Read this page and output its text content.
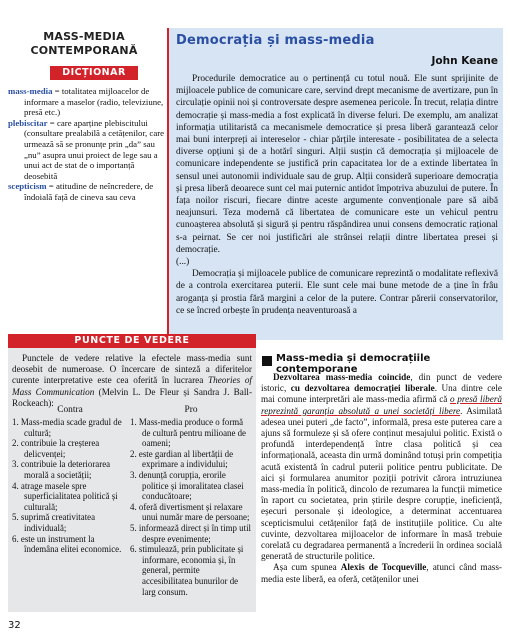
MASS-MEDIA
CONTEMPORANĂ
DICȚIONAR
mass-media = totalitatea mijloacelor de informare a maselor (radio, televiziune, presă etc.)
plebiscitar = care aparține plebiscitului (consultare prealabilă a cetățenilor, care urmează să se pronunțe prin „da” sau „nu” asupra unui proiect de lege sau a unui act de stat de o importanță deosebită
scepticism = atitudine de neîncredere, de îndoială față de cineva sau ceva
Democrația și mass-media
John Keane

Procedurile democratice au o pertinență cu totul nouă. Ele sunt sprijinite de mijloacele publice de comunicare care, servind drept mecanisme de avertizare, pun în circulație opinii noi și controversate despre asemenea pericole. În trecut, relația dintre democrație și mass-media a fost explicată în diverse feluri. De exemplu, am analizat informația utilitaristă ca mecanismele democratice și presa liberă garantează celor mai buni interpreți ai intereselor - chiar părțile interesate - posibilitatea de a selecta diverse opțiuni și de a hotărî singuri. Alții susțin că democrația și mijloacele de comunicare independente se justifică prin capacitatea lor de a extinde libertatea în sensul unei autonomii individuale sau de grup. Alții consideră superioare democrația și presa liberă deoarece sunt cel mai puternic antidot împotriva abuzului de putere. În fața noilor riscuri, fiecare dintre aceste argumente convenționale pare să aibă neajunsuri. Teza modernă că libertatea de comunicare este un vehicul pentru cunoașterea absolută și sigură și pentru răspândirea unui consens democratic rațional s-a peirnat. Se cer noi justificări ale strânsei relații dintre libertatea presei și democrație.

(...)

Democrația și mijloacele publice de comunicare reprezintă o modalitate reflexivă de a controla exercitarea puterii. Ele sunt cele mai bune metode de a ține în frâu aroganța și prostia fără margini a celor de la putere. Contrar părerii conservatorilor, ce se încred orbește în prudența neaventuroasă a

PUNCTE DE VEDERE
Punctele de vedere relative la efectele mass-media sunt deosebit de numeroase. O încercare de sinteză a diferitelor curente interpretative este cea oferită în lucrarea Theories of Mass Communication (Melvin L. De Fleur și Sandra J. Ball-Rockeach):
Contra	Pro
1. Mass-media scade gradul de cultură;
2. contribuie la creșterea delicvenței;
3. contribuie la deteriorarea morală a societății;
4. atrage masele spre superficialitatea politică și culturală;
5. suprimă creativitatea individuală;
6. este un instrument la îndemâna elitei economice.
1. Mass-media produce o formă de cultură pentru milioane de oameni;
2. este gardian al libertății de exprimare a individului;
3. denunță corupția, erorile politice și imoralitatea clasei conducătoare;
4. oferă divertisment și relaxare unui număr mare de persoane;
5. informează direct și în timp util despre evenimente;
6. stimulează, prin publicitate și informare, economia și, în general, permite accesibilitatea bunurilor de larg consum.
32
Mass-media și democrațiile contemporane

Dezvoltarea mass-media coincide, din punct de vedere istoric, cu dezvoltarea democrației liberale. Una dintre cele mai comune interpretări ale mass-media afirmă că o presă liberă reprezintă garanția absolută a unei societăți libere. Asimilată adesea unei puteri „de facto”, informală, presa este puterea care a ajuns să formuleze și să ofere conținut mesajului politic. Există o profundă interdependență între clasa politică și cea informațională, aceasta din urmă dominând totuși prin competiția acută existentă în cadrul puterii politice pentru publicitate. De aici și formularea anumitor poziții potrivit cărora intruziunea mass-media în politică, dincolo de rezumarea la funcții mimetice în raport cu societatea, prin știrile despre corupție, ineficiență, eșecuri personale și ideologice, a determinat accentuarea scepticismului cetățenilor față de instituțiile politice. Cu alte cuvinte, dezvoltarea mijloacelor de informare în masă trebuie corelată cu degradarea permanentă a încrederii în ordinea socială generată de structurile politice.

Așa cum spunea Alexis de Tocqueville, atunci când mass-media este liberă, ea oferă, cetățenilor unei
